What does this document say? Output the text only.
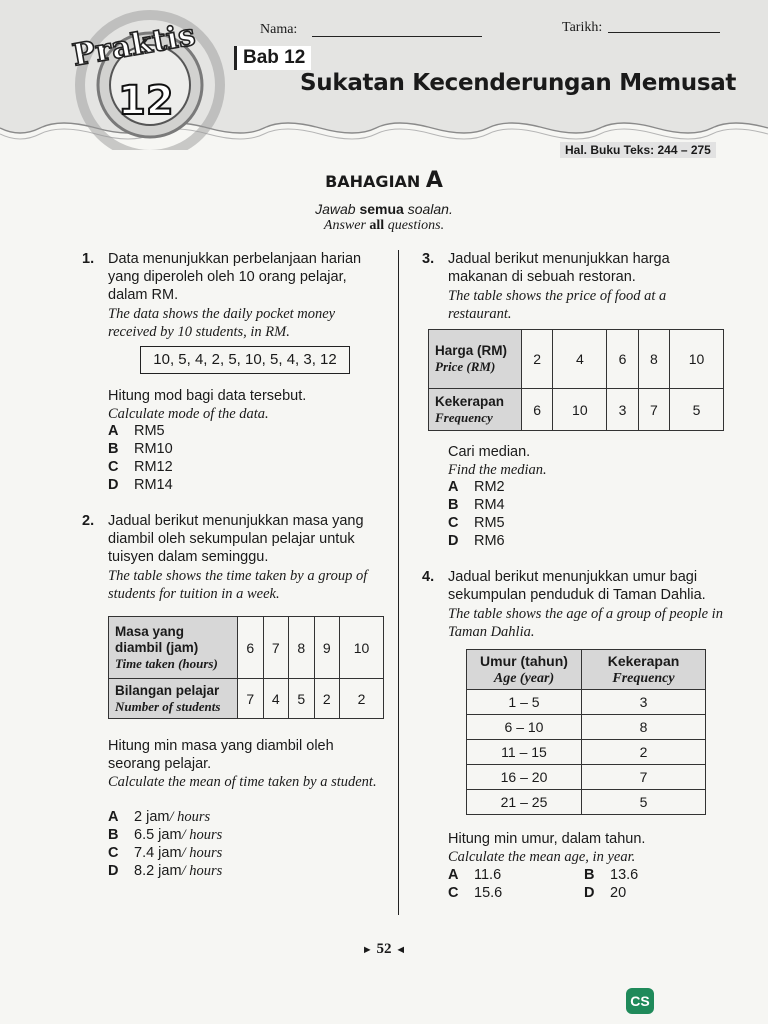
Praktis
12
Nama:	Tarikh:
Bab 12
Sukatan Kecenderungan Memusat
Hal. Buku Teks: 244 – 275
BAHAGIAN A
Jawab semua soalan.
Answer all questions.
1. Data menunjukkan perbelanjaan harian yang diperoleh oleh 10 orang pelajar, dalam RM.

The data shows the daily pocket money received by 10 students, in RM.

10, 5, 4, 2, 5, 10, 5, 4, 3, 12

Hitung mod bagi data tersebut.

Calculate mode of the data.

A	RM5
B	RM10
C	RM12
D	RM14
2. Jadual berikut menunjukkan masa yang diambil oleh sekumpulan pelajar untuk tuisyen dalam seminggu.

The table shows the time taken by a group of students for tuition in a week.

Masa yang diambil (jam)
Time taken (hours)	6	7	8	9	10

Bilangan pelajar
Number of students	7	4	5	2	2

Hitung min masa yang diambil oleh seorang pelajar.

Calculate the mean of time taken by a student.

A	2 jam / hours
B	6.5 jam / hours
C	7.4 jam / hours
D	8.2 jam / hours
3. Jadual berikut menunjukkan harga makanan di sebuah restoran.

The table shows the price of food at a restaurant.

Harga (RM)
Price (RM)	2	4	6	8	10

Kekerapan
Frequency	6	10	3	7	5

Cari median.

Find the median.

A	RM2
B	RM4
C	RM5
D	RM6
4. Jadual berikut menunjukkan umur bagi sekumpulan penduduk di Taman Dahlia.

The table shows the age of a group of people in Taman Dahlia.

Umur (tahun)
Age (year)	Kekerapan
Frequency
1 – 5	3
6 – 10	8
11 – 15	2
16 – 20	7
21 – 25	5

Hitung min umur, dalam tahun.

Calculate the mean age, in year.

A	11.6
C	15.6
B	13.6
D	20
► 52 ◄
CS
